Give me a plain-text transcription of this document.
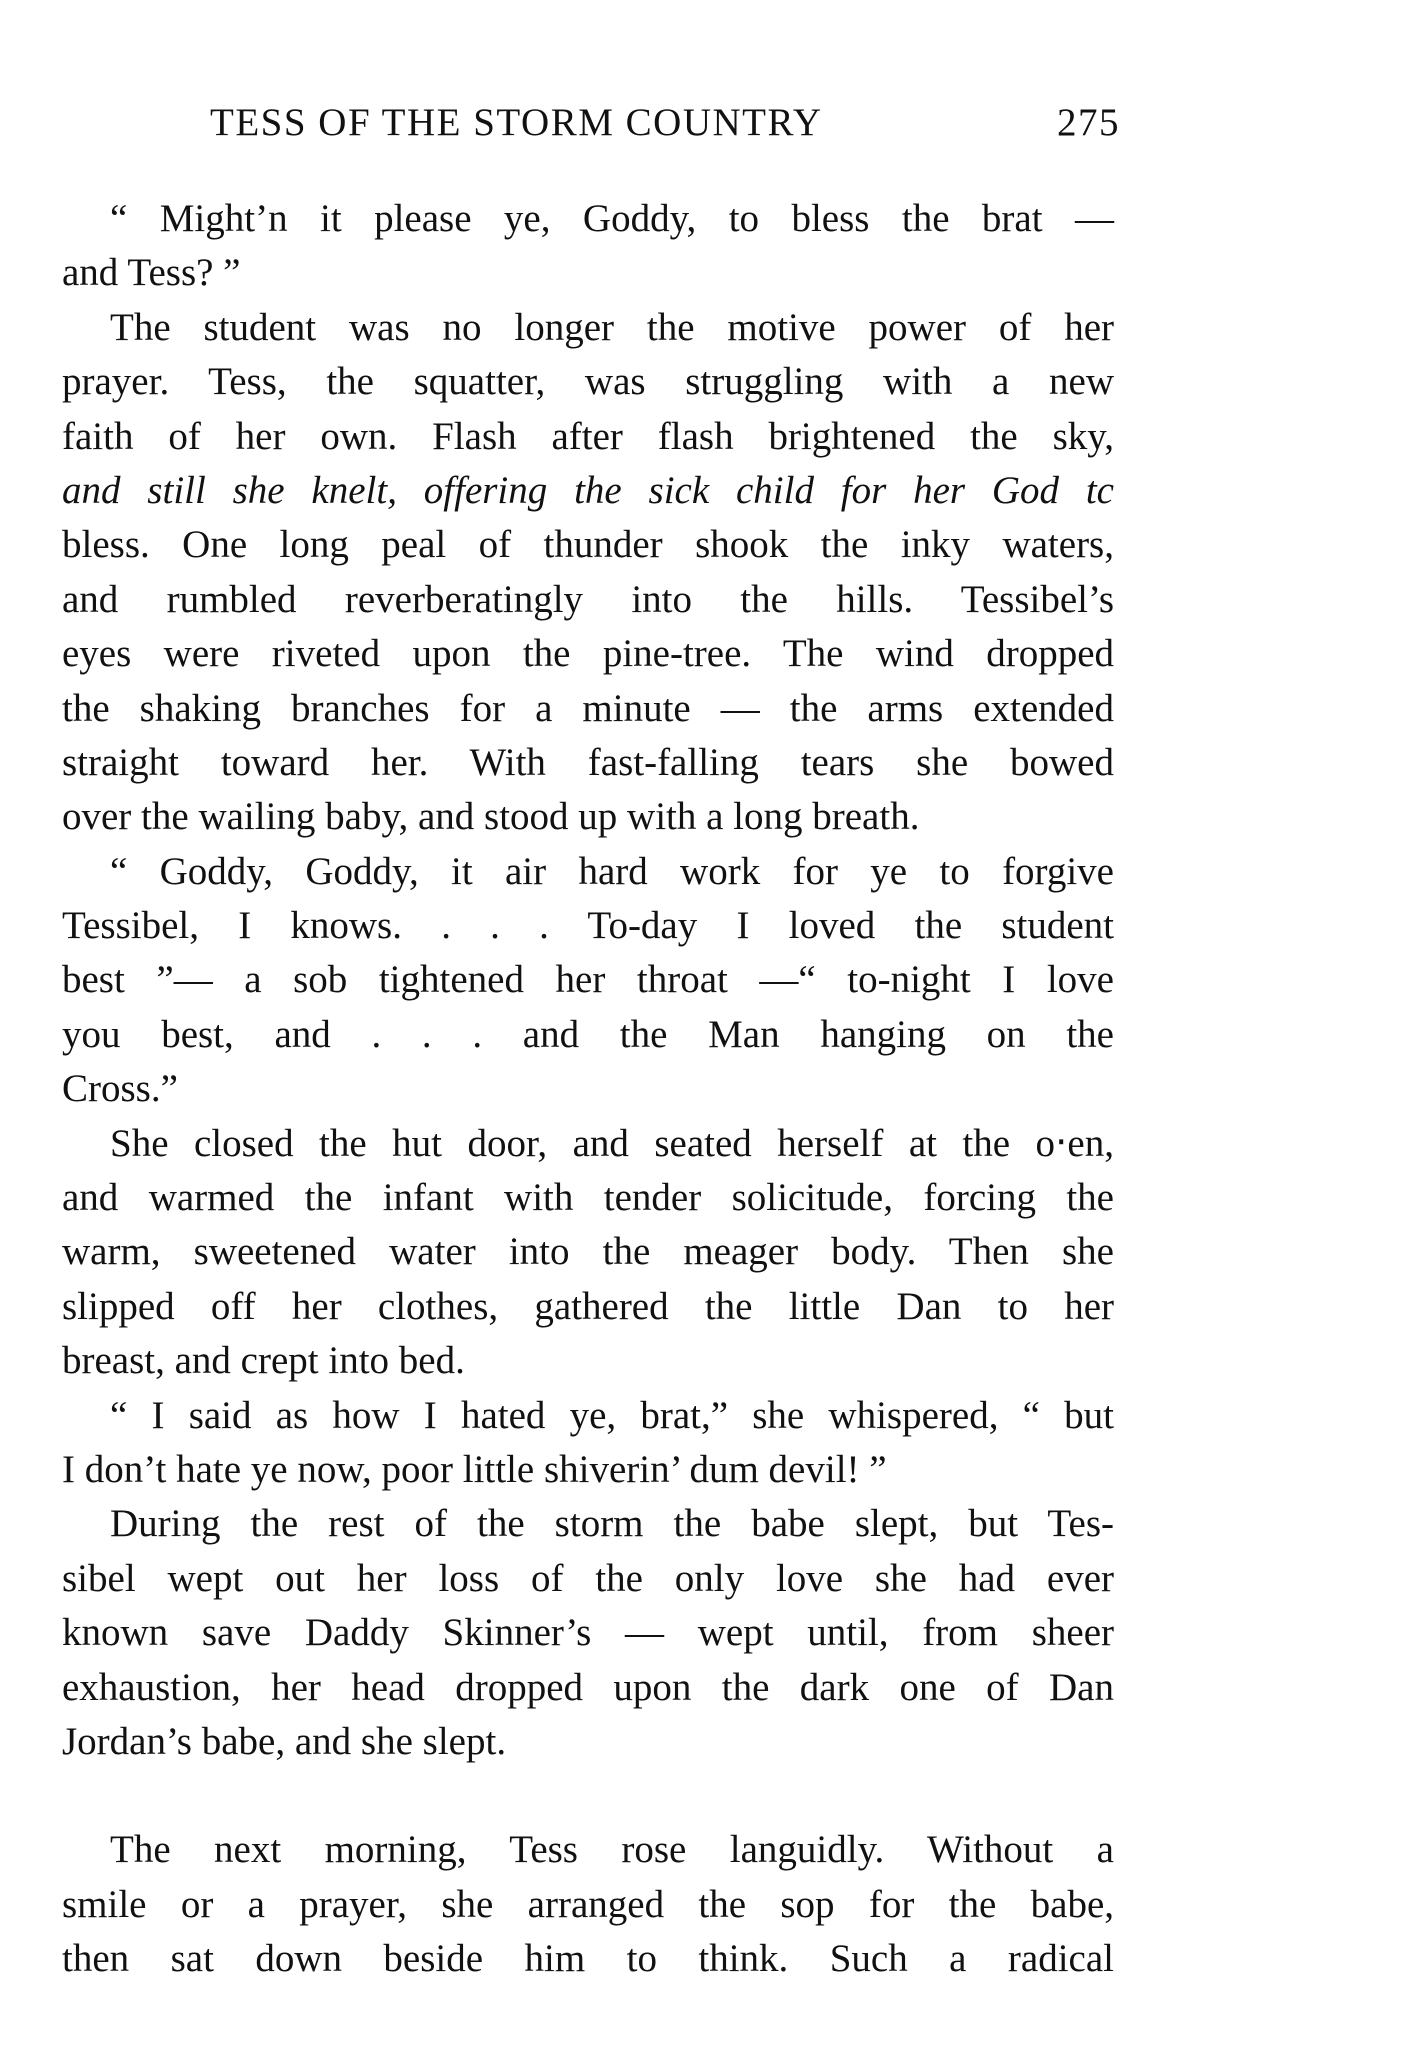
TESS OF THE STORM COUNTRY	275
“ Might’n it please ye, Goddy, to bless the brat —
and Tess? ”
The student was no longer the motive power of her
prayer. Tess, the squatter, was struggling with a new
faith of her own. Flash after flash brightened the sky,
and still she knelt, offering the sick child for her God tc
bless. One long peal of thunder shook the inky waters,
and rumbled reverberatingly into the hills. Tessibel’s
eyes were riveted upon the pine-tree. The wind dropped
the shaking branches for a minute — the arms extended
straight toward her. With fast-falling tears she bowed
over the wailing baby, and stood up with a long breath.
“ Goddy, Goddy, it air hard work for ye to forgive
Tessibel, I knows. . . . To-day I loved the student
best ”— a sob tightened her throat —“ to-night I love
you best, and . . . and the Man hanging on the
Cross.”
She closed the hut door, and seated herself at the o‧en,
and warmed the infant with tender solicitude, forcing the
warm, sweetened water into the meager body. Then she
slipped off her clothes, gathered the little Dan to her
breast, and crept into bed.
“ I said as how I hated ye, brat,” she whispered, “ but
I don’t hate ye now, poor little shiverin’ dum devil! ”
During the rest of the storm the babe slept, but Tes-
sibel wept out her loss of the only love she had ever
known save Daddy Skinner’s — wept until, from sheer
exhaustion, her head dropped upon the dark one of Dan
Jordan’s babe, and she slept.
The next morning, Tess rose languidly. Without a
smile or a prayer, she arranged the sop for the babe,
then sat down beside him to think. Such a radical
